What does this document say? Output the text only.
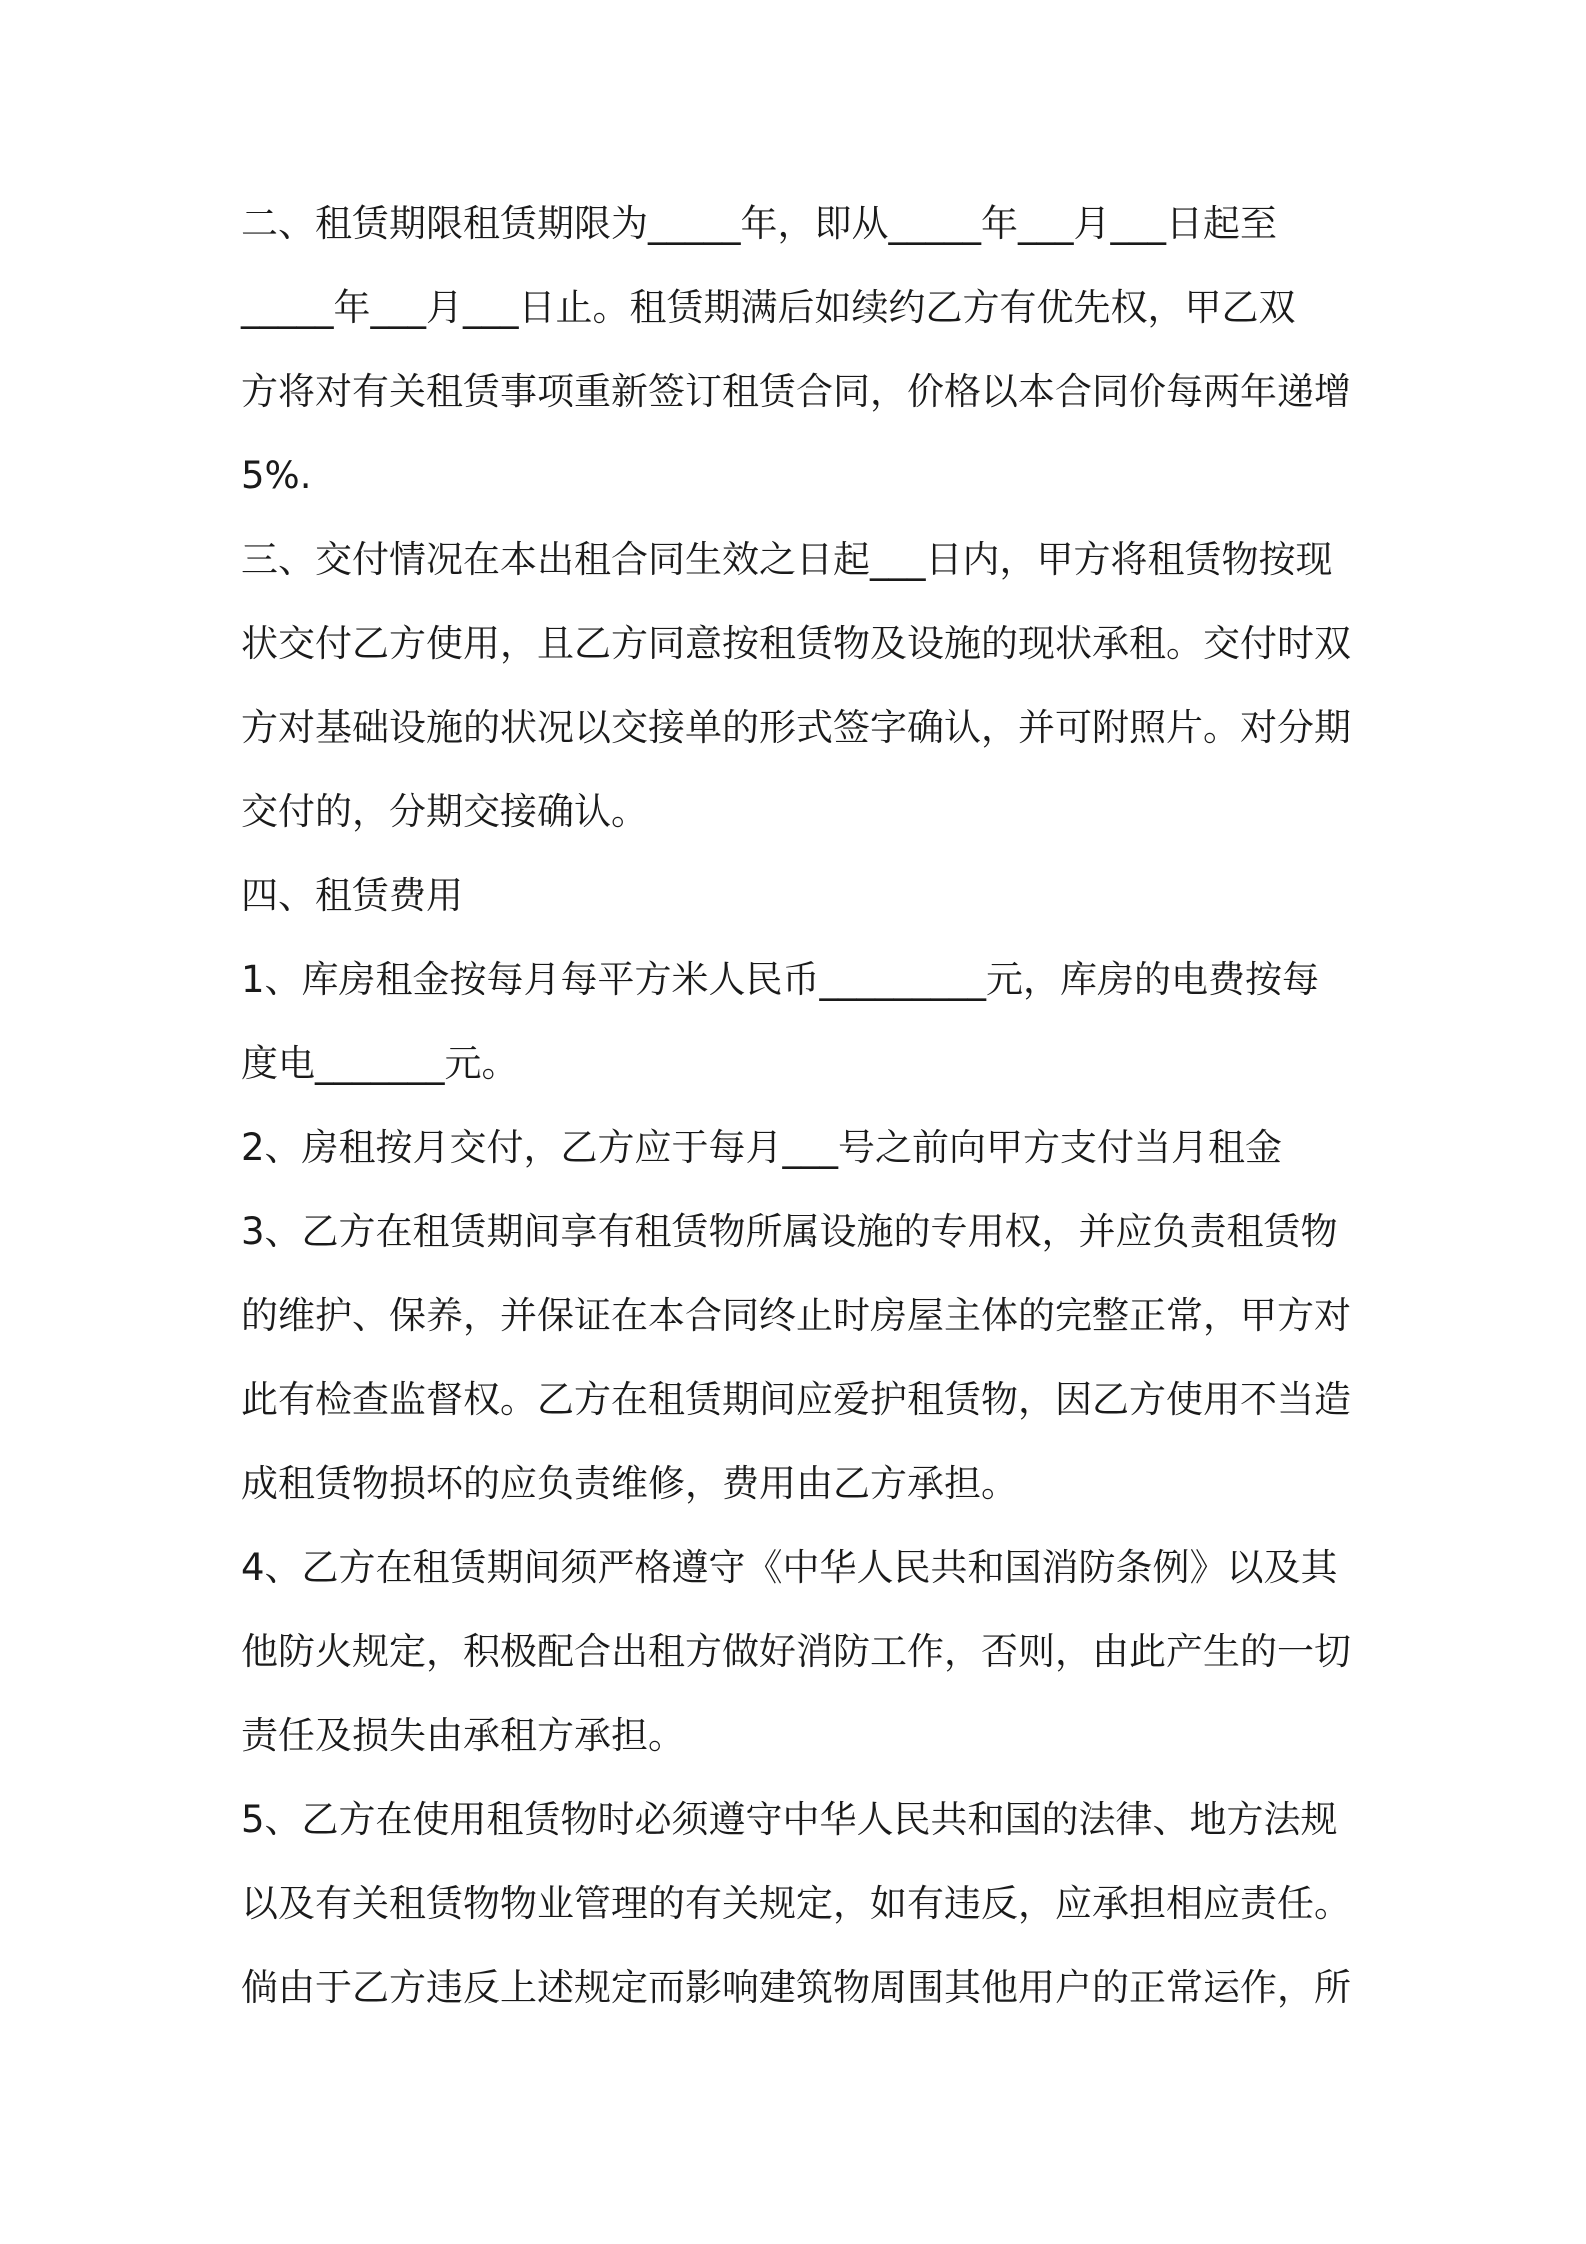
二、租赁期限租赁期限为_____年，即从_____年___月___日起至
_____年___月___日止。租赁期满后如续约乙方有优先权，甲乙双
方将对有关租赁事项重新签订租赁合同，价格以本合同价每两年递增
5%.
三、交付情况在本出租合同生效之日起___日内，甲方将租赁物按现
状交付乙方使用，且乙方同意按租赁物及设施的现状承租。交付时双
方对基础设施的状况以交接单的形式签字确认，并可附照片。对分期
交付的，分期交接确认。
四、租赁费用
1、库房租金按每月每平方米人民币_________元，库房的电费按每
度电_______元。
2、房租按月交付，乙方应于每月___号之前向甲方支付当月租金
3、乙方在租赁期间享有租赁物所属设施的专用权，并应负责租赁物
的维护、保养，并保证在本合同终止时房屋主体的完整正常，甲方对
此有检查监督权。乙方在租赁期间应爱护租赁物，因乙方使用不当造
成租赁物损坏的应负责维修，费用由乙方承担。
4、乙方在租赁期间须严格遵守《中华人民共和国消防条例》以及其
他防火规定，积极配合出租方做好消防工作，否则，由此产生的一切
责任及损失由承租方承担。
5、乙方在使用租赁物时必须遵守中华人民共和国的法律、地方法规
以及有关租赁物物业管理的有关规定，如有违反，应承担相应责任。
倘由于乙方违反上述规定而影响建筑物周围其他用户的正常运作，所
